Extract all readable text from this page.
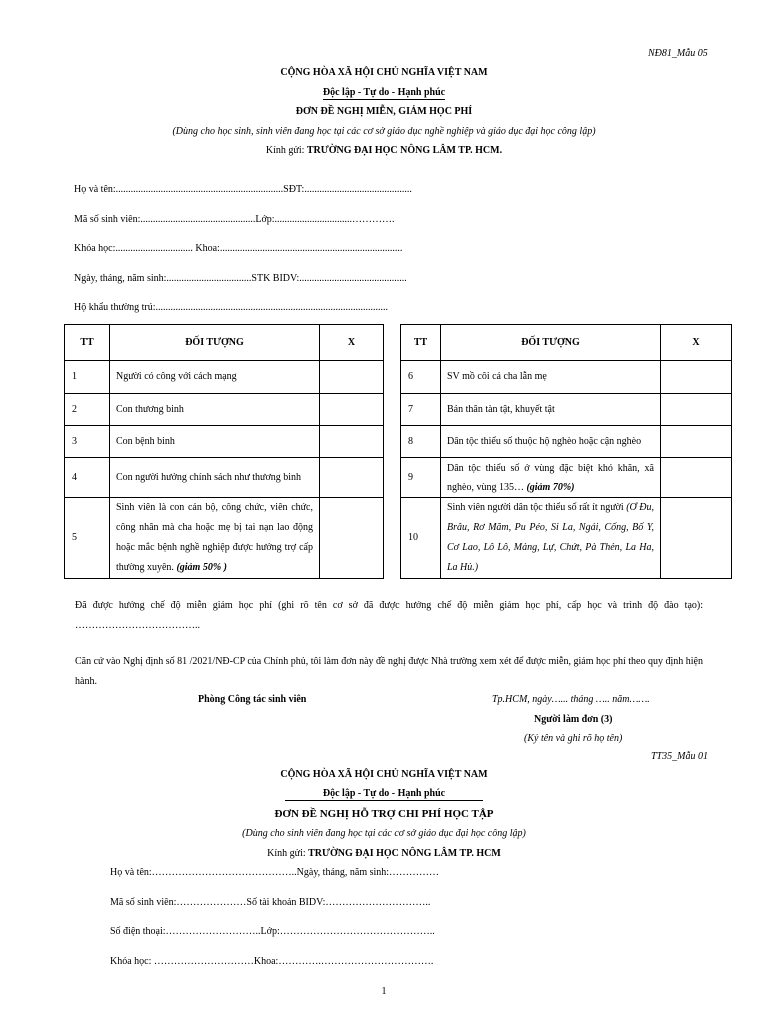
NĐ81_Mẫu 05
CỘNG HÒA XÃ HỘI CHỦ NGHĨA VIỆT NAM
Độc lập - Tự do - Hạnh phúc
ĐƠN ĐỀ NGHỊ MIỄN, GIẢM HỌC PHÍ
(Dùng cho học sinh, sinh viên đang học tại các cơ sở giáo dục nghề nghiệp và giáo dục đại học công lập)
Kính gửi: TRƯỜNG ĐẠI HỌC NÔNG LÂM TP. HCM.
Họ và tên:...................................................................SĐT:...........................................
Mã số sinh viên:..............................................Lớp:...............................………….
Khóa học:............................... Khoa:.........................................................................
Ngày, tháng, năm sinh:..................................STK BIDV:...........................................
Hộ khẩu thường trú:.............................................................................................
TT	ĐỐI TƯỢNG	X
1	Người có công với cách mạng	
2	Con thương binh	
3	Con bệnh binh	
4	Con người hưởng chính sách như thương binh	
5	Sinh viên là con cán bộ, công chức, viên chức, công nhân mà cha hoặc mẹ bị tai nạn lao động hoặc mắc bệnh nghề nghiệp được hưởng trợ cấp thường xuyên. (giảm 50% )	
TT	ĐỐI TƯỢNG	X
6	SV mồ côi cả cha lẫn mẹ	
7	Bản thân tàn tật, khuyết tật	
8	Dân tộc thiểu số thuộc hộ nghèo hoặc cận nghèo	
9	Dân tộc thiểu số ở vùng đặc biệt khó khăn, xã nghèo, vùng 135… (giảm 70%)	
10	Sinh viên người dân tộc thiểu số rất ít người (Ơ Đu, Brâu, Rơ Măm, Pu Péo, Si La, Ngái, Cống, Bố Y, Cơ Lao, Lô Lô, Mảng, Lự, Chứt, Pà Thẻn, La Ha, La Hủ.)	
Đã được hưởng chế độ miễn giảm học phí (ghi rõ tên cơ sở đã được hưởng chế độ miễn giảm học phí, cấp học và trình độ đào tạo): ………………………………..
Căn cứ vào Nghị định số 81 /2021/NĐ-CP của Chính phủ, tôi làm đơn này đề nghị được Nhà trường xem xét để được miễn, giảm học phí theo quy định hiện hành.
Phòng Công tác sinh viên	Tp.HCM, ngày…... tháng ….. năm…….
Người làm đơn (3)
(Ký tên và ghi rõ họ tên)
TT35_Mẫu 01
CỘNG HÒA XÃ HỘI CHỦ NGHĨA VIỆT NAM
Độc lập - Tự do - Hạnh phúc
ĐƠN ĐỀ NGHỊ HỖ TRỢ CHI PHÍ HỌC TẬP
(Dùng cho sinh viên đang học tại các cơ sở giáo dục đại học công lập)
Kính gửi: TRƯỜNG ĐẠI HỌC NÔNG LÂM TP. HCM
Họ và tên:……………………………………..Ngày, tháng, năm sinh:……………
Mã số sinh viên:…………………Số tài khoản BIDV:…………………………..
Số điện thoại:………………………..Lớp:………………………………………..
Khóa học: …………………………Khoa:………….…………………………….
1
